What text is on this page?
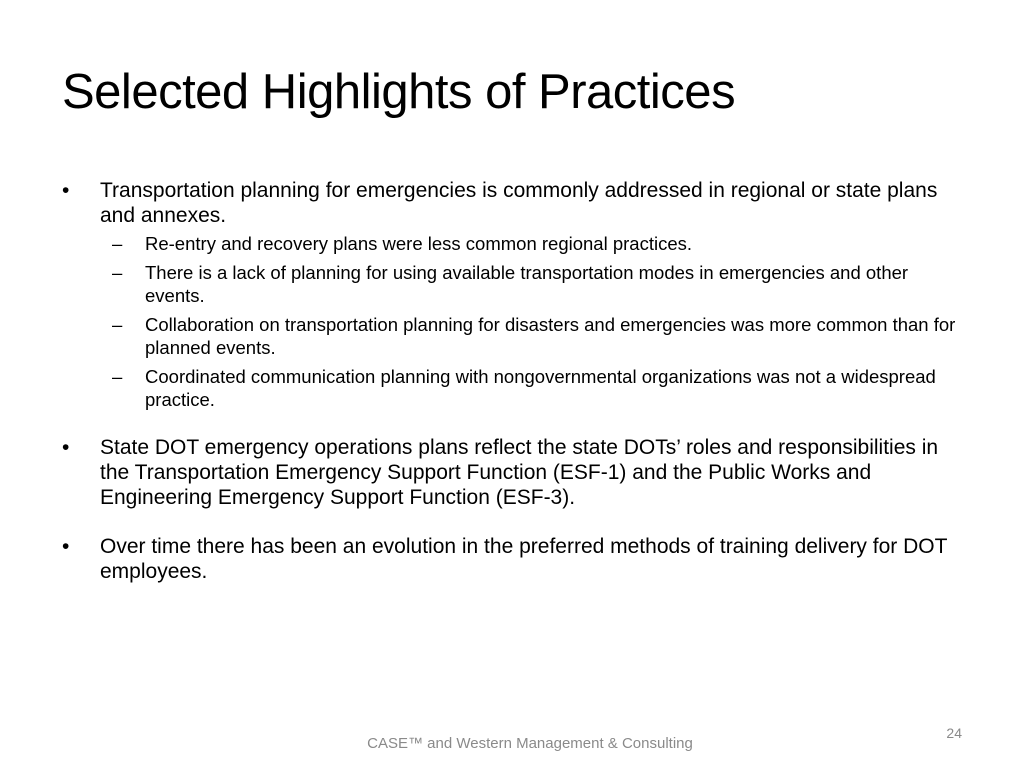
Selected Highlights of Practices
•	Transportation planning for emergencies is commonly addressed in regional or state plans and annexes.
–	Re-entry and recovery plans were less common regional practices.
–	There is a lack of planning for using available transportation modes in emergencies and other events.
–	Collaboration on transportation planning for disasters and emergencies was more common than for planned events.
–	Coordinated communication planning with nongovernmental organizations was not a widespread practice.
•	State DOT emergency operations plans reflect the state DOTs’ roles and responsibilities in the Transportation Emergency Support Function (ESF-1) and the Public Works and Engineering Emergency Support Function (ESF-3).
•	Over time there has been an evolution in the preferred methods of training delivery for DOT employees.
CASE™ and Western Management & Consulting
24
